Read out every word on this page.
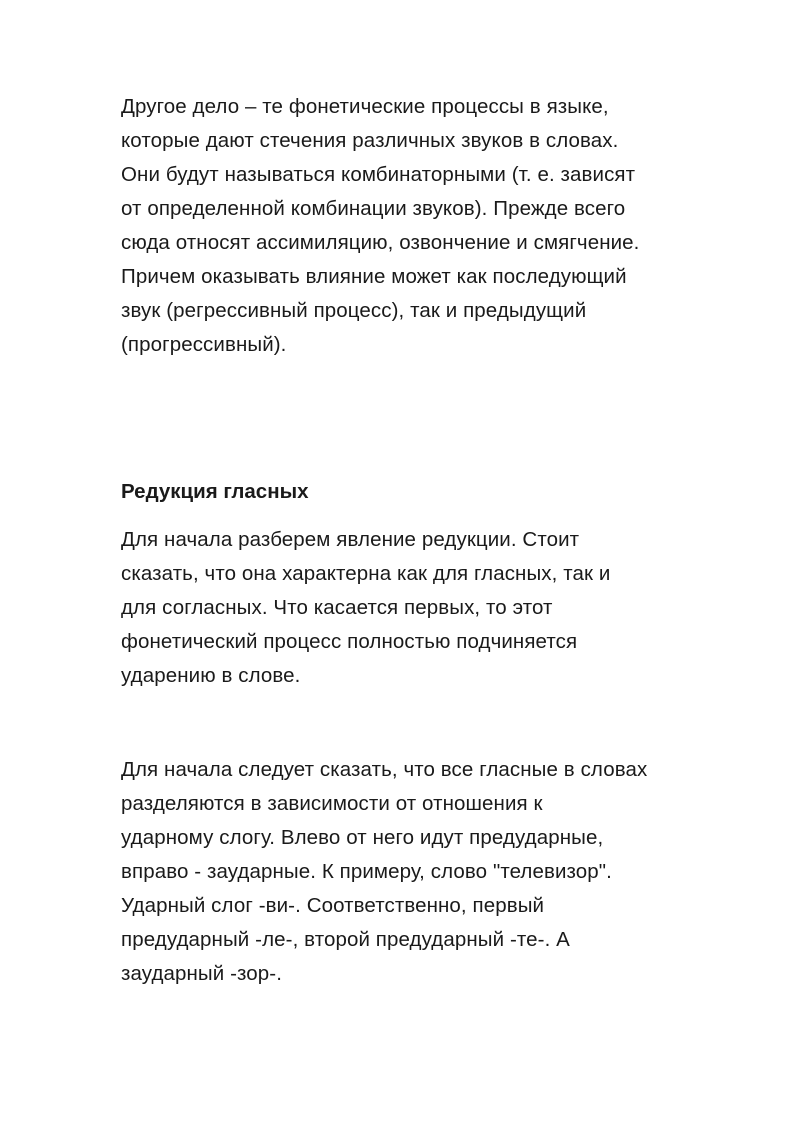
Другое дело – те фонетические процессы в языке,
которые дают стечения различных звуков в словах.
Они будут называться комбинаторными (т. е. зависят
от определенной комбинации звуков). Прежде всего
сюда относят ассимиляцию, озвончение и смягчение.
Причем оказывать влияние может как последующий
звук (регрессивный процесс), так и предыдущий
(прогрессивный).

Редукция гласных

Для начала разберем явление редукции. Стоит
сказать, что она характерна как для гласных, так и
для согласных. Что касается первых, то этот
фонетический процесс полностью подчиняется
ударению в слове.

Для начала следует сказать, что все гласные в словах
разделяются в зависимости от отношения к
ударному слогу. Влево от него идут предударные,
вправо - заударные. К примеру, слово "телевизор".
Ударный слог -ви-. Соответственно, первый
предударный -ле-, второй предударный -те-. А
заударный -зор-.
